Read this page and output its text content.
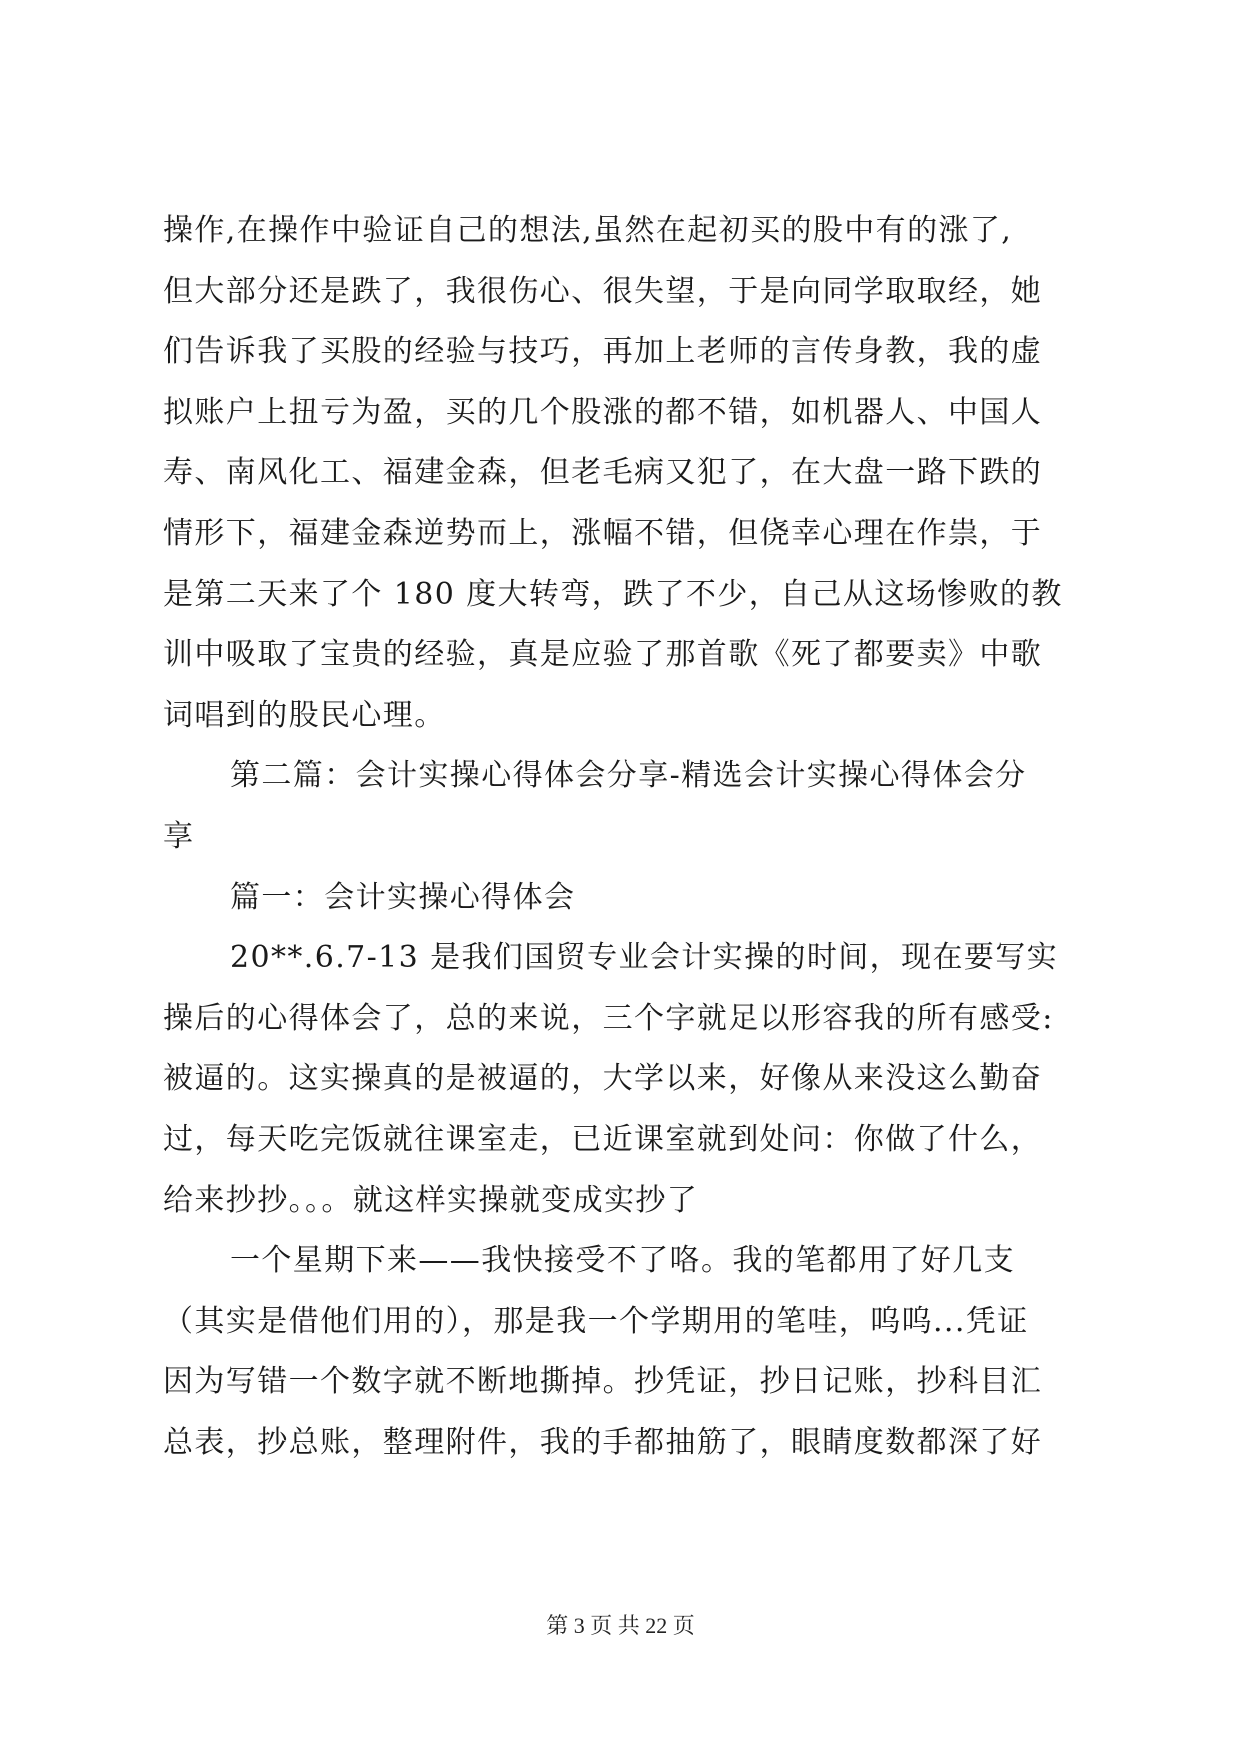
操作,在操作中验证自己的想法,虽然在起初买的股中有的涨了,
但大部分还是跌了，我很伤心、很失望，于是向同学取取经，她
们告诉我了买股的经验与技巧，再加上老师的言传身教，我的虚
拟账户上扭亏为盈，买的几个股涨的都不错，如机器人、中国人
寿、南风化工、福建金森，但老毛病又犯了，在大盘一路下跌的
情形下，福建金森逆势而上，涨幅不错，但侥幸心理在作祟，于
是第二天来了个 180 度大转弯，跌了不少，自己从这场惨败的教
训中吸取了宝贵的经验，真是应验了那首歌《死了都要卖》中歌
词唱到的股民心理。
第二篇：会计实操心得体会分享-精选会计实操心得体会分
享
篇一：会计实操心得体会
20**.6.7-13 是我们国贸专业会计实操的时间，现在要写实
操后的心得体会了，总的来说，三个字就足以形容我的所有感受:
被逼的。这实操真的是被逼的，大学以来，好像从来没这么勤奋
过，每天吃完饭就往课室走，已近课室就到处问：你做了什么，
给来抄抄。。。就这样实操就变成实抄了
一个星期下来——我快接受不了咯。我的笔都用了好几支
（其实是借他们用的），那是我一个学期用的笔哇，呜呜...凭证
因为写错一个数字就不断地撕掉。抄凭证，抄日记账，抄科目汇
总表，抄总账，整理附件，我的手都抽筋了，眼睛度数都深了好
第 3 页 共 22 页
